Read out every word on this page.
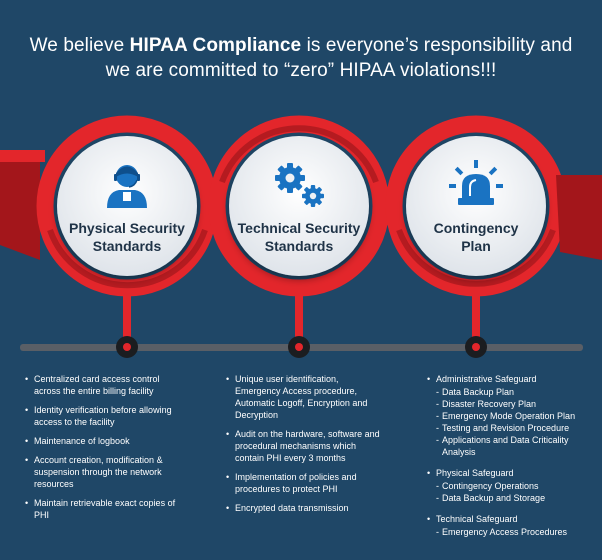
We believe HIPAA Compliance is everyone’s responsibility and
we are committed to “zero” HIPAA violations!!!
Physical Security
Standards
Technical Security
Standards
Contingency
Plan
• Centralized card access control across the entire billing facility
• Identity verification before allowing access to the facility
• Maintenance of logbook
• Account creation, modification & suspension through the network resources
• Maintain retrievable exact copies of PHI
• Unique user identification, Emergency Access procedure, Automatic Logoff, Encryption and Decryption
• Audit on the hardware, software and procedural mechanisms which contain PHI every 3 months
• Implementation of policies and procedures to protect PHI
• Encrypted data transmission
• Administrative Safeguard
- Data Backup Plan
- Disaster Recovery Plan
- Emergency Mode Operation Plan
- Testing and Revision Procedure
- Applications and Data Criticality Analysis
• Physical Safeguard
- Contingency Operations
- Data Backup and Storage
• Technical Safeguard
- Emergency Access Procedures
